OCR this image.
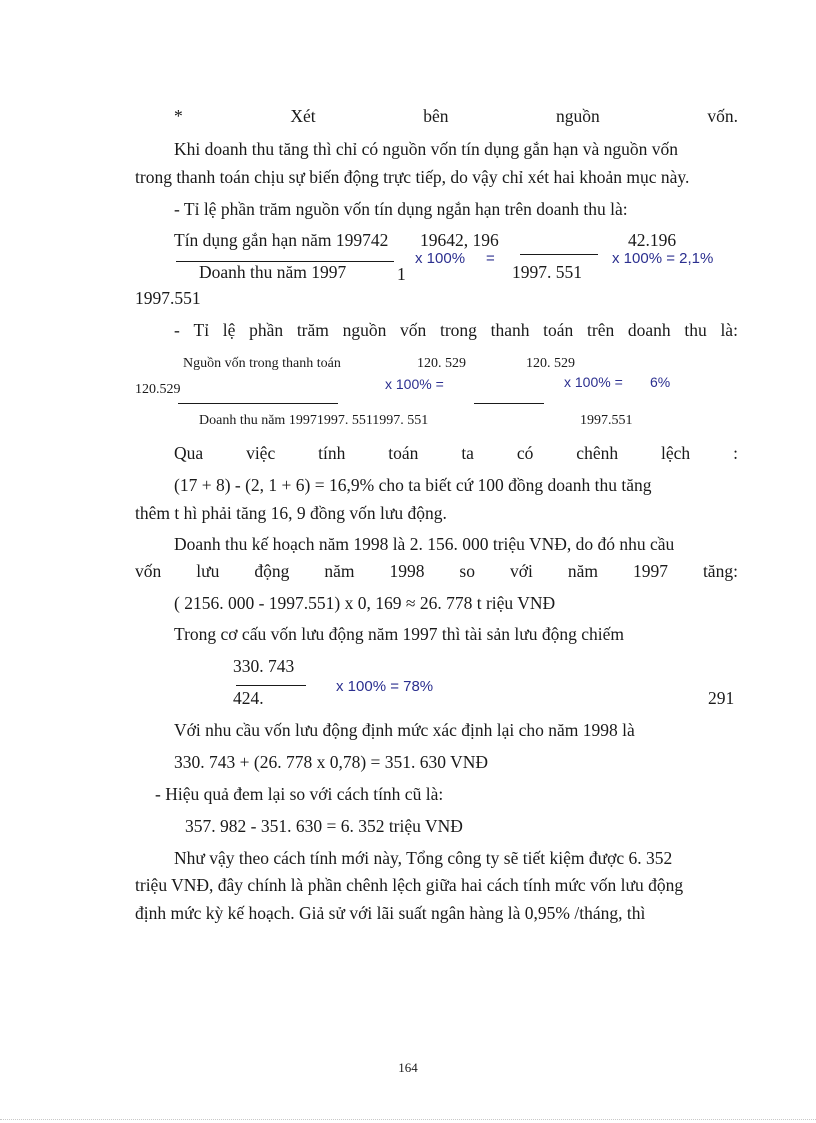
*	Xét	bên	nguồn	vốn.
Khi doanh thu tăng thì chỉ có nguồn vốn tín dụng gắn hạn và nguồn vốn
trong thanh toán chịu sự biến động trực tiếp, do vậy chỉ xét hai khoản mục này.
- Tỉ lệ phần trăm nguồn vốn tín dụng ngắn hạn trên doanh thu là:
Tín dụng gắn hạn năm 199742 19642, 196	42.196
x 100% =	x 100% = 2,1%
Doanh thu năm 1997	1	1997. 551
1997.551
- Tỉ lệ phần trăm nguồn vốn trong thanh toán trên doanh thu là:
Nguồn vốn trong thanh toán	120. 529	120. 529
x 100% = 6%
120.529	x 100% =
Doanh thu năm 19971997. 5511997. 551	1997.551
Qua việc tính toán ta có chênh lệch :
(17 + 8) - (2, 1 + 6) = 16,9% cho ta biết cứ 100 đồng doanh thu tăng
thêm t hì phải tăng 16, 9 đồng vốn lưu động.
Doanh thu kế hoạch năm 1998 là 2. 156. 000 triệu VNĐ, do đó nhu cầu
vốn lưu động năm 1998 so với năm 1997 tăng:
( 2156. 000 - 1997.551) x 0, 169 ≈ 26. 778 t riệu VNĐ
Trong cơ cấu vốn lưu động năm 1997 thì tài sản lưu động chiếm
330. 743
x 100% = 78%
424.	291
Với nhu cầu vốn lưu động định mức xác định lại cho năm 1998 là
330. 743 + (26. 778 x 0,78) = 351. 630 VNĐ
- Hiệu quả đem lại so với cách tính cũ là:
357. 982 - 351. 630 = 6. 352 triệu VNĐ
Như vậy theo cách tính mới này, Tổng công ty sẽ tiết kiệm được 6. 352
triệu VNĐ, đây chính là phần chênh lệch giữa hai cách tính mức vốn lưu động
định mức kỳ kế hoạch. Giả sử với lãi suất ngân hàng là 0,95% /tháng, thì
164
